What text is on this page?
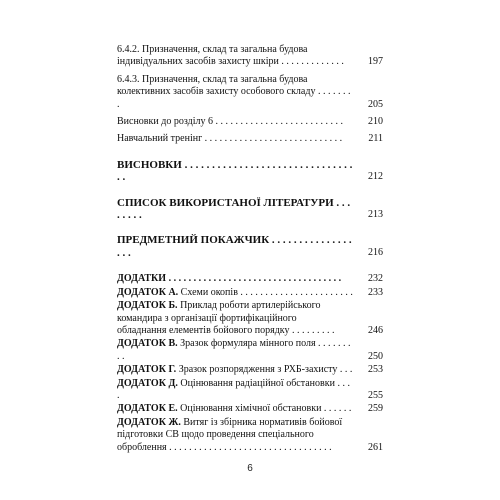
6.4.2. Призначення, склад та загальна будова
індивідуальних засобів захисту шкіри . . . . . . . . . . . . .	197
6.4.3. Призначення, склад та загальна будова
колективних засобів захисту особового складу . . . . . . . .	205
Висновки до розділу 6 . . . . . . . . . . . . . . . . . . . . . . . . . .	210
Навчальний тренінг . . . . . . . . . . . . . . . . . . . . . . . . . . . .	211
ВИСНОВКИ . . . . . . . . . . . . . . . . . . . . . . . . . . . . . . . . .	212
СПИСОК ВИКОРИСТАНОЇ ЛІТЕРАТУРИ . . . . . . . .	213
ПРЕДМЕТНИЙ ПОКАЖЧИК . . . . . . . . . . . . . . . . . .	216
ДОДАТКИ . . . . . . . . . . . . . . . . . . . . . . . . . . . . . . . . . . .	232
ДОДАТОК А. Схеми окопів . . . . . . . . . . . . . . . . . . . . . . . 233
ДОДАТОК Б. Приклад роботи артилерійського
командира з організації фортифікаційного
обладнання елементів бойового порядку . . . . . . . . .	246
ДОДАТОК В. Зразок формуляра мінного поля . . . . . . . . .	250
ДОДАТОК Г. Зразок розпорядження з РХБ-захисту . . . 253
ДОДАТОК Д. Оцінювання радіаційної обстановки . . . .	255
ДОДАТОК Е. Оцінювання хімічної обстановки . . . . . . 259
ДОДАТОК Ж. Витяг із збірника нормативів бойової
підготовки СВ щодо проведення спеціального
оброблення . . . . . . . . . . . . . . . . . . . . . . . . . . . . . . . . .	261
6
